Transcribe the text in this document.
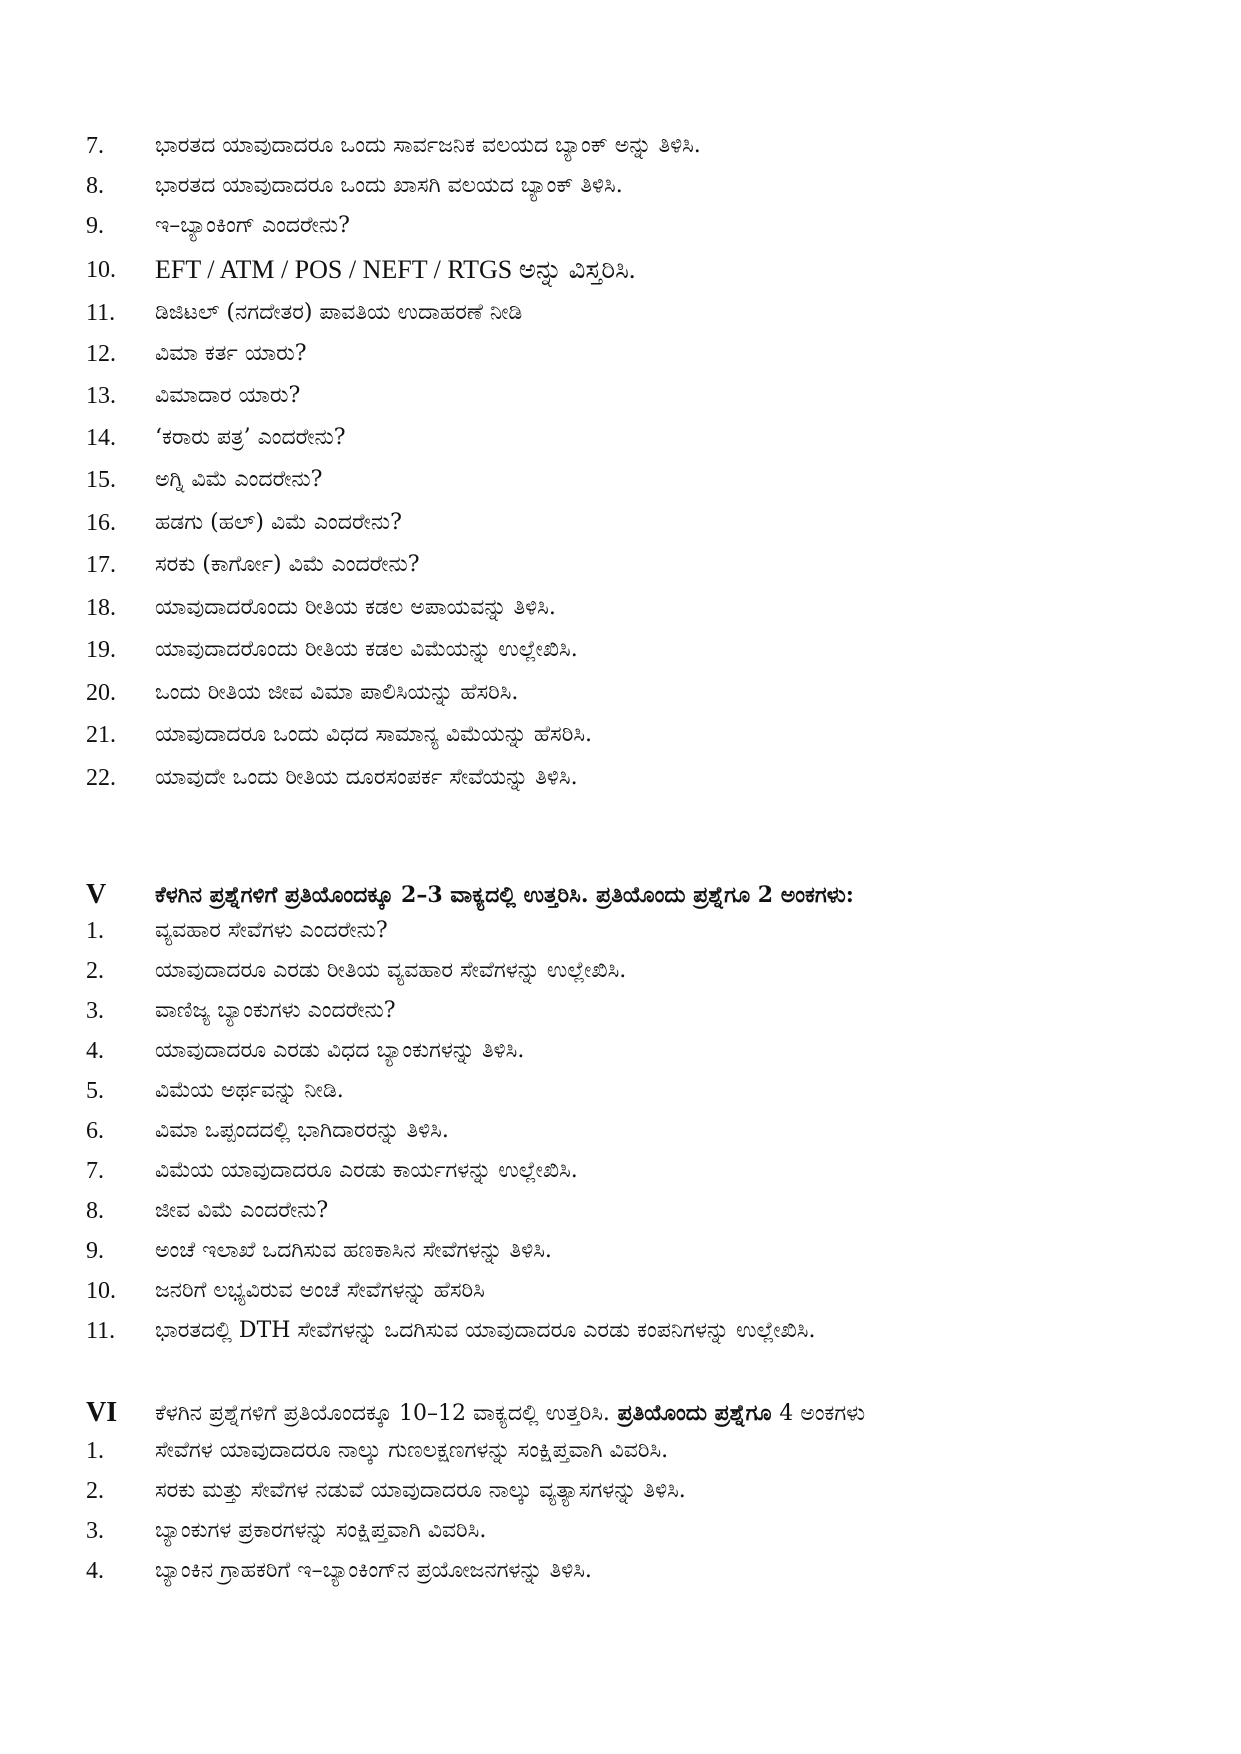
7. ಭಾರತದ ಯಾವುದಾದರೂ ಒಂದು ಸಾರ್ವಜನಿಕ ವಲಯದ ಬ್ಯಾಂಕ್ ಅನ್ನು ತಿಳಿಸಿ.
8. ಭಾರತದ ಯಾವುದಾದರೂ ಒಂದು ಖಾಸಗಿ ವಲಯದ ಬ್ಯಾಂಕ್ ತಿಳಿಸಿ.
9. ಇ–ಬ್ಯಾಂಕಿಂಗ್ ಎಂದರೇನು?
10. EFT / ATM / POS / NEFT / RTGS ಅನ್ನು ವಿಸ್ತರಿಸಿ.
11. ಡಿಜಿಟಲ್ (ನಗದೇತರ) ಪಾವತಿಯ ಉದಾಹರಣೆ ನೀಡಿ
12. ವಿಮಾ ಕರ್ತ ಯಾರು?
13. ವಿಮಾದಾರ ಯಾರು?
14. ‘ಕರಾರು ಪತ್ರ’ ಎಂದರೇನು?
15. ಅಗ್ನಿ ವಿಮೆ ಎಂದರೇನು?
16. ಹಡಗು (ಹಲ್) ವಿಮೆ ಎಂದರೇನು?
17. ಸರಕು (ಕಾರ್ಗೋ) ವಿಮೆ ಎಂದರೇನು?
18. ಯಾವುದಾದರೊಂದು ರೀತಿಯ ಕಡಲ ಅಪಾಯವನ್ನು ತಿಳಿಸಿ.
19. ಯಾವುದಾದರೊಂದು ರೀತಿಯ ಕಡಲ ವಿಮೆಯನ್ನು ಉಲ್ಲೇಖಿಸಿ.
20. ಒಂದು ರೀತಿಯ ಜೀವ ವಿಮಾ ಪಾಲಿಸಿಯನ್ನು ಹೆಸರಿಸಿ.
21. ಯಾವುದಾದರೂ ಒಂದು ವಿಧದ ಸಾಮಾನ್ಯ ವಿಮೆಯನ್ನು ಹೆಸರಿಸಿ.
22. ಯಾವುದೇ ಒಂದು ರೀತಿಯ ದೂರಸಂಪರ್ಕ ಸೇವೆಯನ್ನು ತಿಳಿಸಿ.
V ಕೆಳಗಿನ ಪ್ರಶ್ನೆಗಳಿಗೆ ಪ್ರತಿಯೊಂದಕ್ಕೂ 2–3 ವಾಕ್ಯದಲ್ಲಿ ಉತ್ತರಿಸಿ. ಪ್ರತಿಯೊಂದು ಪ್ರಶ್ನೆಗೂ 2 ಅಂಕಗಳು:
1. ವ್ಯವಹಾರ ಸೇವೆಗಳು ಎಂದರೇನು?
2. ಯಾವುದಾದರೂ ಎರಡು ರೀತಿಯ ವ್ಯವಹಾರ ಸೇವೆಗಳನ್ನು ಉಲ್ಲೇಖಿಸಿ.
3. ವಾಣಿಜ್ಯ ಬ್ಯಾಂಕುಗಳು ಎಂದರೇನು?
4. ಯಾವುದಾದರೂ ಎರಡು ವಿಧದ ಬ್ಯಾಂಕುಗಳನ್ನು ತಿಳಿಸಿ.
5. ವಿಮೆಯ ಅರ್ಥವನ್ನು ನೀಡಿ.
6. ವಿಮಾ ಒಪ್ಪಂದದಲ್ಲಿ ಭಾಗಿದಾರರನ್ನು ತಿಳಿಸಿ.
7. ವಿಮೆಯ ಯಾವುದಾದರೂ ಎರಡು ಕಾರ್ಯಗಳನ್ನು ಉಲ್ಲೇಖಿಸಿ.
8. ಜೀವ ವಿಮೆ ಎಂದರೇನು?
9. ಅಂಚೆ ಇಲಾಖೆ ಒದಗಿಸುವ ಹಣಕಾಸಿನ ಸೇವೆಗಳನ್ನು ತಿಳಿಸಿ.
10. ಜನರಿಗೆ ಲಭ್ಯವಿರುವ ಅಂಚೆ ಸೇವೆಗಳನ್ನು ಹೆಸರಿಸಿ
11. ಭಾರತದಲ್ಲಿ DTH ಸೇವೆಗಳನ್ನು ಒದಗಿಸುವ ಯಾವುದಾದರೂ ಎರಡು ಕಂಪನಿಗಳನ್ನು ಉಲ್ಲೇಖಿಸಿ.
VI ಕೆಳಗಿನ ಪ್ರಶ್ನೆಗಳಿಗೆ ಪ್ರತಿಯೊಂದಕ್ಕೂ 10–12 ವಾಕ್ಯದಲ್ಲಿ ಉತ್ತರಿಸಿ. ಪ್ರತಿಯೊಂದು ಪ್ರಶ್ನೆಗೂ 4 ಅಂಕಗಳು
1. ಸೇವೆಗಳ ಯಾವುದಾದರೂ ನಾಲ್ಕು ಗುಣಲಕ್ಷಣಗಳನ್ನು ಸಂಕ್ಷಿಪ್ತವಾಗಿ ವಿವರಿಸಿ.
2. ಸರಕು ಮತ್ತು ಸೇವೆಗಳ ನಡುವೆ ಯಾವುದಾದರೂ ನಾಲ್ಕು ವ್ಯತ್ಯಾಸಗಳನ್ನು ತಿಳಿಸಿ.
3. ಬ್ಯಾಂಕುಗಳ ಪ್ರಕಾರಗಳನ್ನು ಸಂಕ್ಷಿಪ್ತವಾಗಿ ವಿವರಿಸಿ.
4. ಬ್ಯಾಂಕಿನ ಗ್ರಾಹಕರಿಗೆ ಇ–ಬ್ಯಾಂಕಿಂಗ್‌ನ ಪ್ರಯೋಜನಗಳನ್ನು ತಿಳಿಸಿ.
